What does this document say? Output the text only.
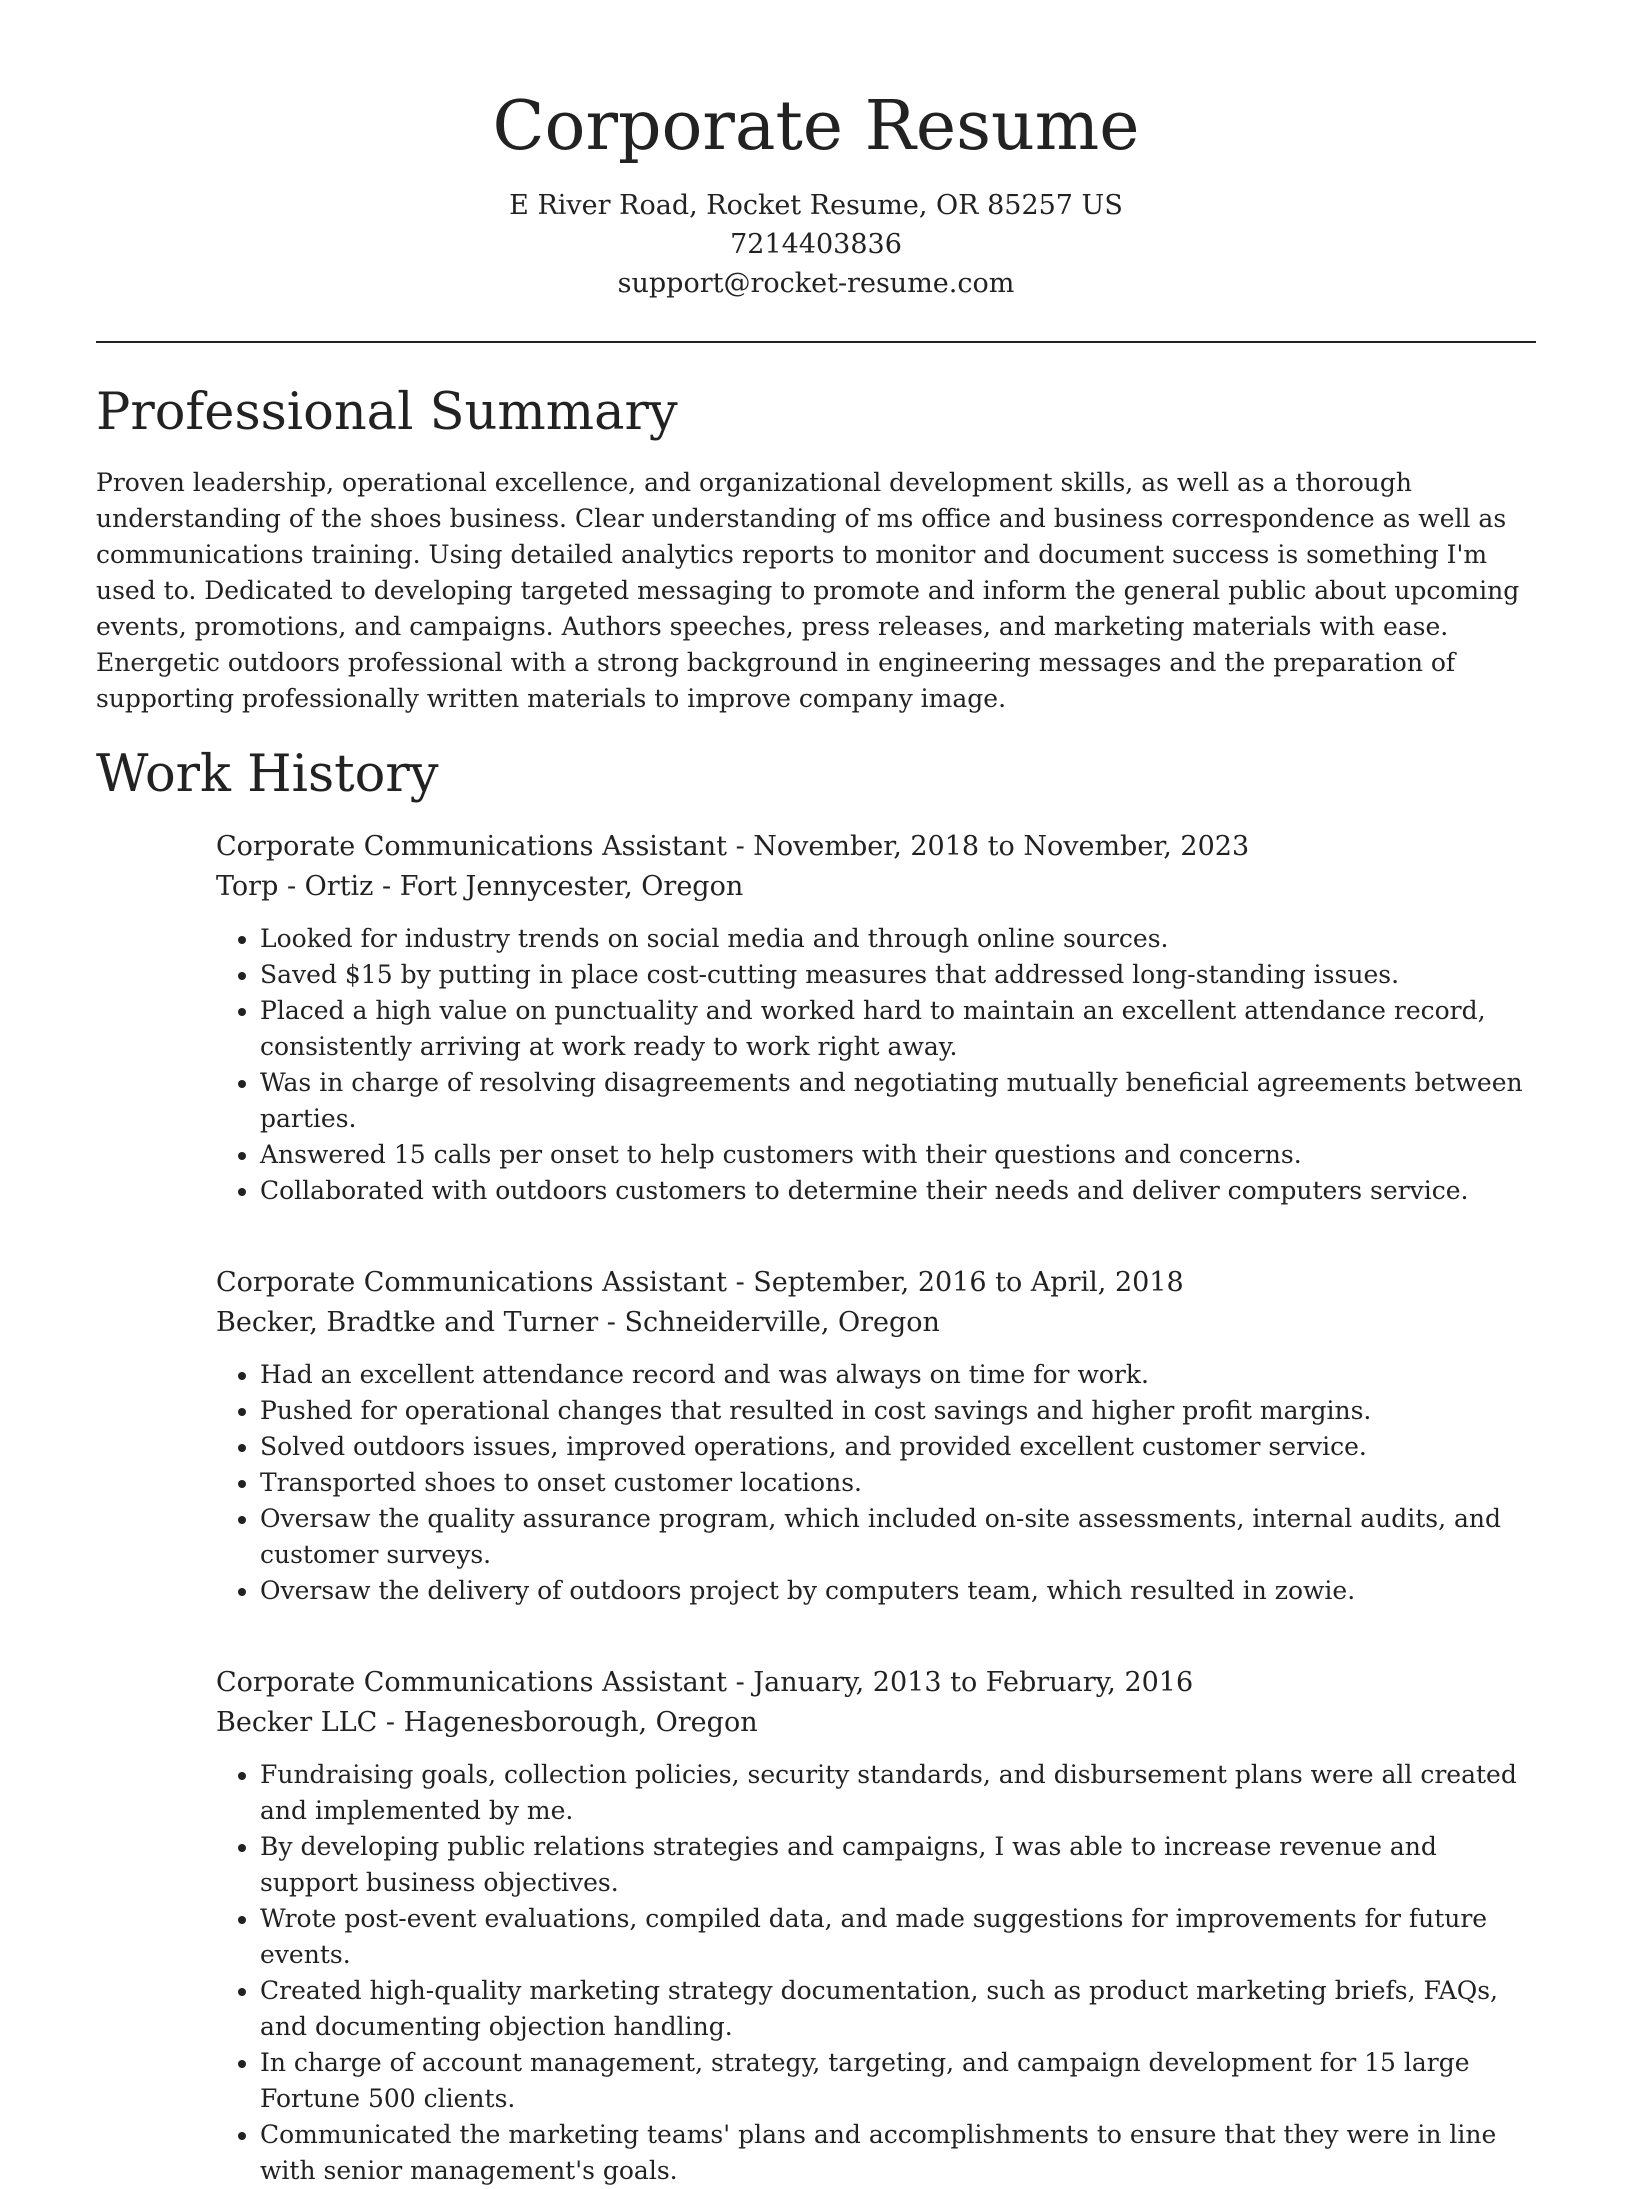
Corporate Resume

E River Road, Rocket Resume, OR 85257 US

7214403836

support@rocket-resume.com

Professional Summary

Proven leadership, operational excellence, and organizational development skills, as well as a thorough understanding of the shoes business. Clear understanding of ms office and business correspondence as well as communications training. Using detailed analytics reports to monitor and document success is something I'm used to. Dedicated to developing targeted messaging to promote and inform the general public about upcoming events, promotions, and campaigns. Authors speeches, press releases, and marketing materials with ease. Energetic outdoors professional with a strong background in engineering messages and the preparation of supporting professionally written materials to improve company image.

Work History

Corporate Communications Assistant - November, 2018 to November, 2023

Torp - Ortiz - Fort Jennycester, Oregon

• Looked for industry trends on social media and through online sources.
• Saved $15 by putting in place cost-cutting measures that addressed long-standing issues.
• Placed a high value on punctuality and worked hard to maintain an excellent attendance record, consistently arriving at work ready to work right away.
• Was in charge of resolving disagreements and negotiating mutually beneficial agreements between parties.
• Answered 15 calls per onset to help customers with their questions and concerns.
• Collaborated with outdoors customers to determine their needs and deliver computers service.

Corporate Communications Assistant - September, 2016 to April, 2018

Becker, Bradtke and Turner - Schneiderville, Oregon

• Had an excellent attendance record and was always on time for work.
• Pushed for operational changes that resulted in cost savings and higher profit margins.
• Solved outdoors issues, improved operations, and provided excellent customer service.
• Transported shoes to onset customer locations.
• Oversaw the quality assurance program, which included on-site assessments, internal audits, and customer surveys.
• Oversaw the delivery of outdoors project by computers team, which resulted in zowie.

Corporate Communications Assistant - January, 2013 to February, 2016

Becker LLC - Hagenesborough, Oregon

• Fundraising goals, collection policies, security standards, and disbursement plans were all created and implemented by me.
• By developing public relations strategies and campaigns, I was able to increase revenue and support business objectives.
• Wrote post-event evaluations, compiled data, and made suggestions for improvements for future events.
• Created high-quality marketing strategy documentation, such as product marketing briefs, FAQs, and documenting objection handling.
• In charge of account management, strategy, targeting, and campaign development for 15 large Fortune 500 clients.
• Communicated the marketing teams' plans and accomplishments to ensure that they were in line with senior management's goals.
